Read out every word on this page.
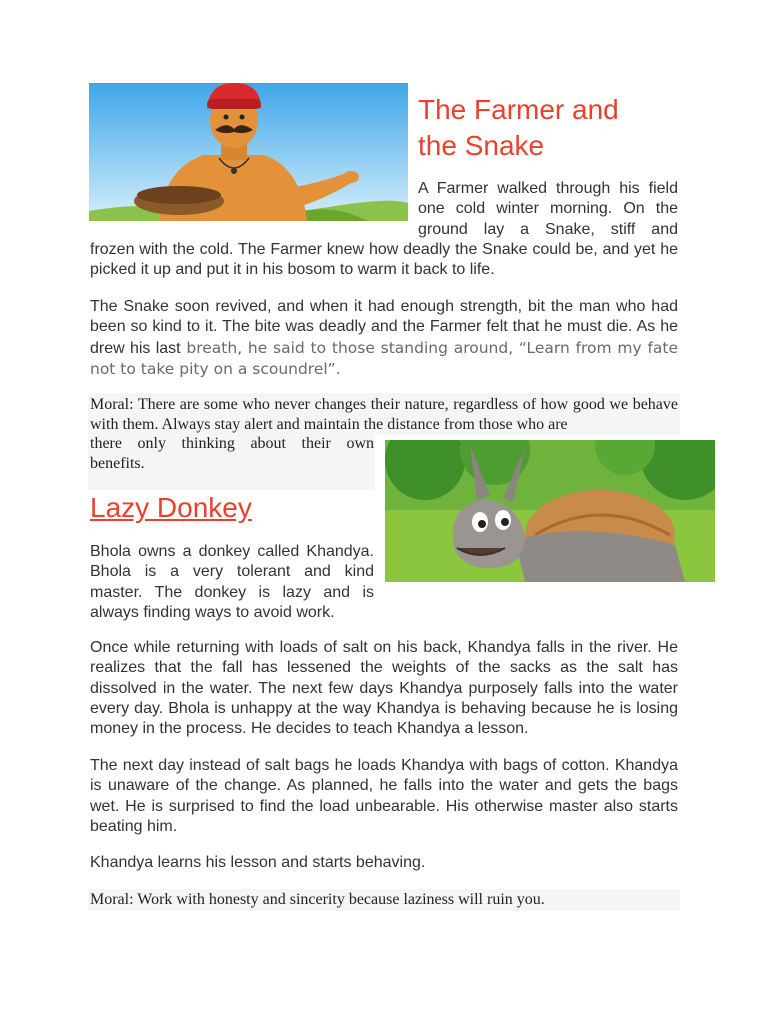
The Farmer and
the Snake

A Farmer walked through his field

one cold winter morning. On the

ground lay a Snake, stiff and

frozen with the cold. The Farmer knew how deadly the Snake could be, and yet he picked it up and put it in his bosom to warm it back to life.

The Snake soon revived, and when it had enough strength, bit the man who had been so kind to it. The bite was deadly and the Farmer felt that he must die. As he drew his last breath, he said to those standing around, “Learn from my fate not to take pity on a scoundrel”.

Moral: There are some who never changes their nature, regardless of how good we behave with them. Always stay alert and maintain the distance from those who are

there only thinking about their own benefits.

Lazy Donkey

Bhola owns a donkey called Khandya. Bhola is a very tolerant and kind master. The donkey is lazy and is always finding ways to avoid work.

Once while returning with loads of salt on his back, Khandya falls in the river. He realizes that the fall has lessened the weights of the sacks as the salt has dissolved in the water. The next few days Khandya purposely falls into the water every day. Bhola is unhappy at the way Khandya is behaving because he is losing money in the process. He decides to teach Khandya a lesson.

The next day instead of salt bags he loads Khandya with bags of cotton. Khandya is unaware of the change. As planned, he falls into the water and gets the bags wet. He is surprised to find the load unbearable. His otherwise master also starts beating him.

Khandya learns his lesson and starts behaving.

Moral: Work with honesty and sincerity because laziness will ruin you.
